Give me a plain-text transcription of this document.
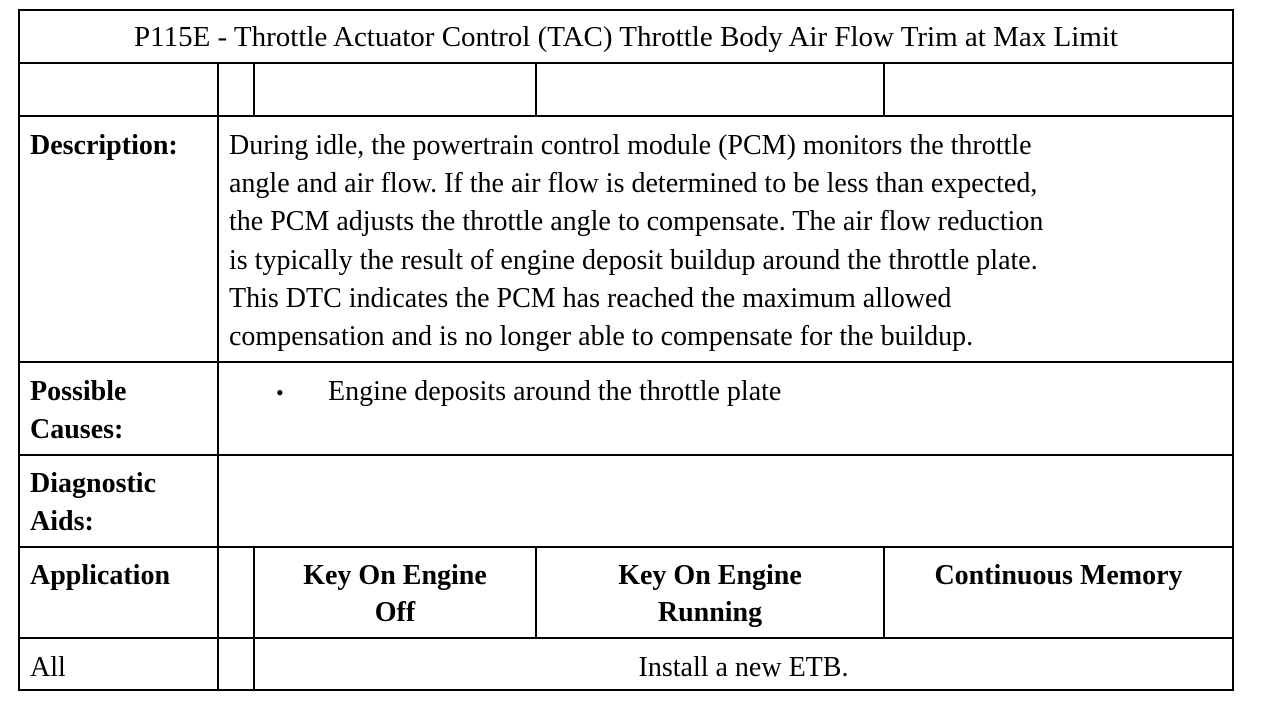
P115E - Throttle Actuator Control (TAC) Throttle Body Air Flow Trim at Max Limit
Description: During idle, the powertrain control module (PCM) monitors the throttle
angle and air flow. If the air flow is determined to be less than expected,
the PCM adjusts the throttle angle to compensate. The air flow reduction
is typically the result of engine deposit buildup around the throttle plate.
This DTC indicates the PCM has reached the maximum allowed
compensation and is no longer able to compensate for the buildup.
Possible
Causes:
• Engine deposits around the throttle plate
Diagnostic
Aids:
Application	Key On Engine
Off
Key On Engine
Running
Continuous Memory
All	Install a new ETB.
